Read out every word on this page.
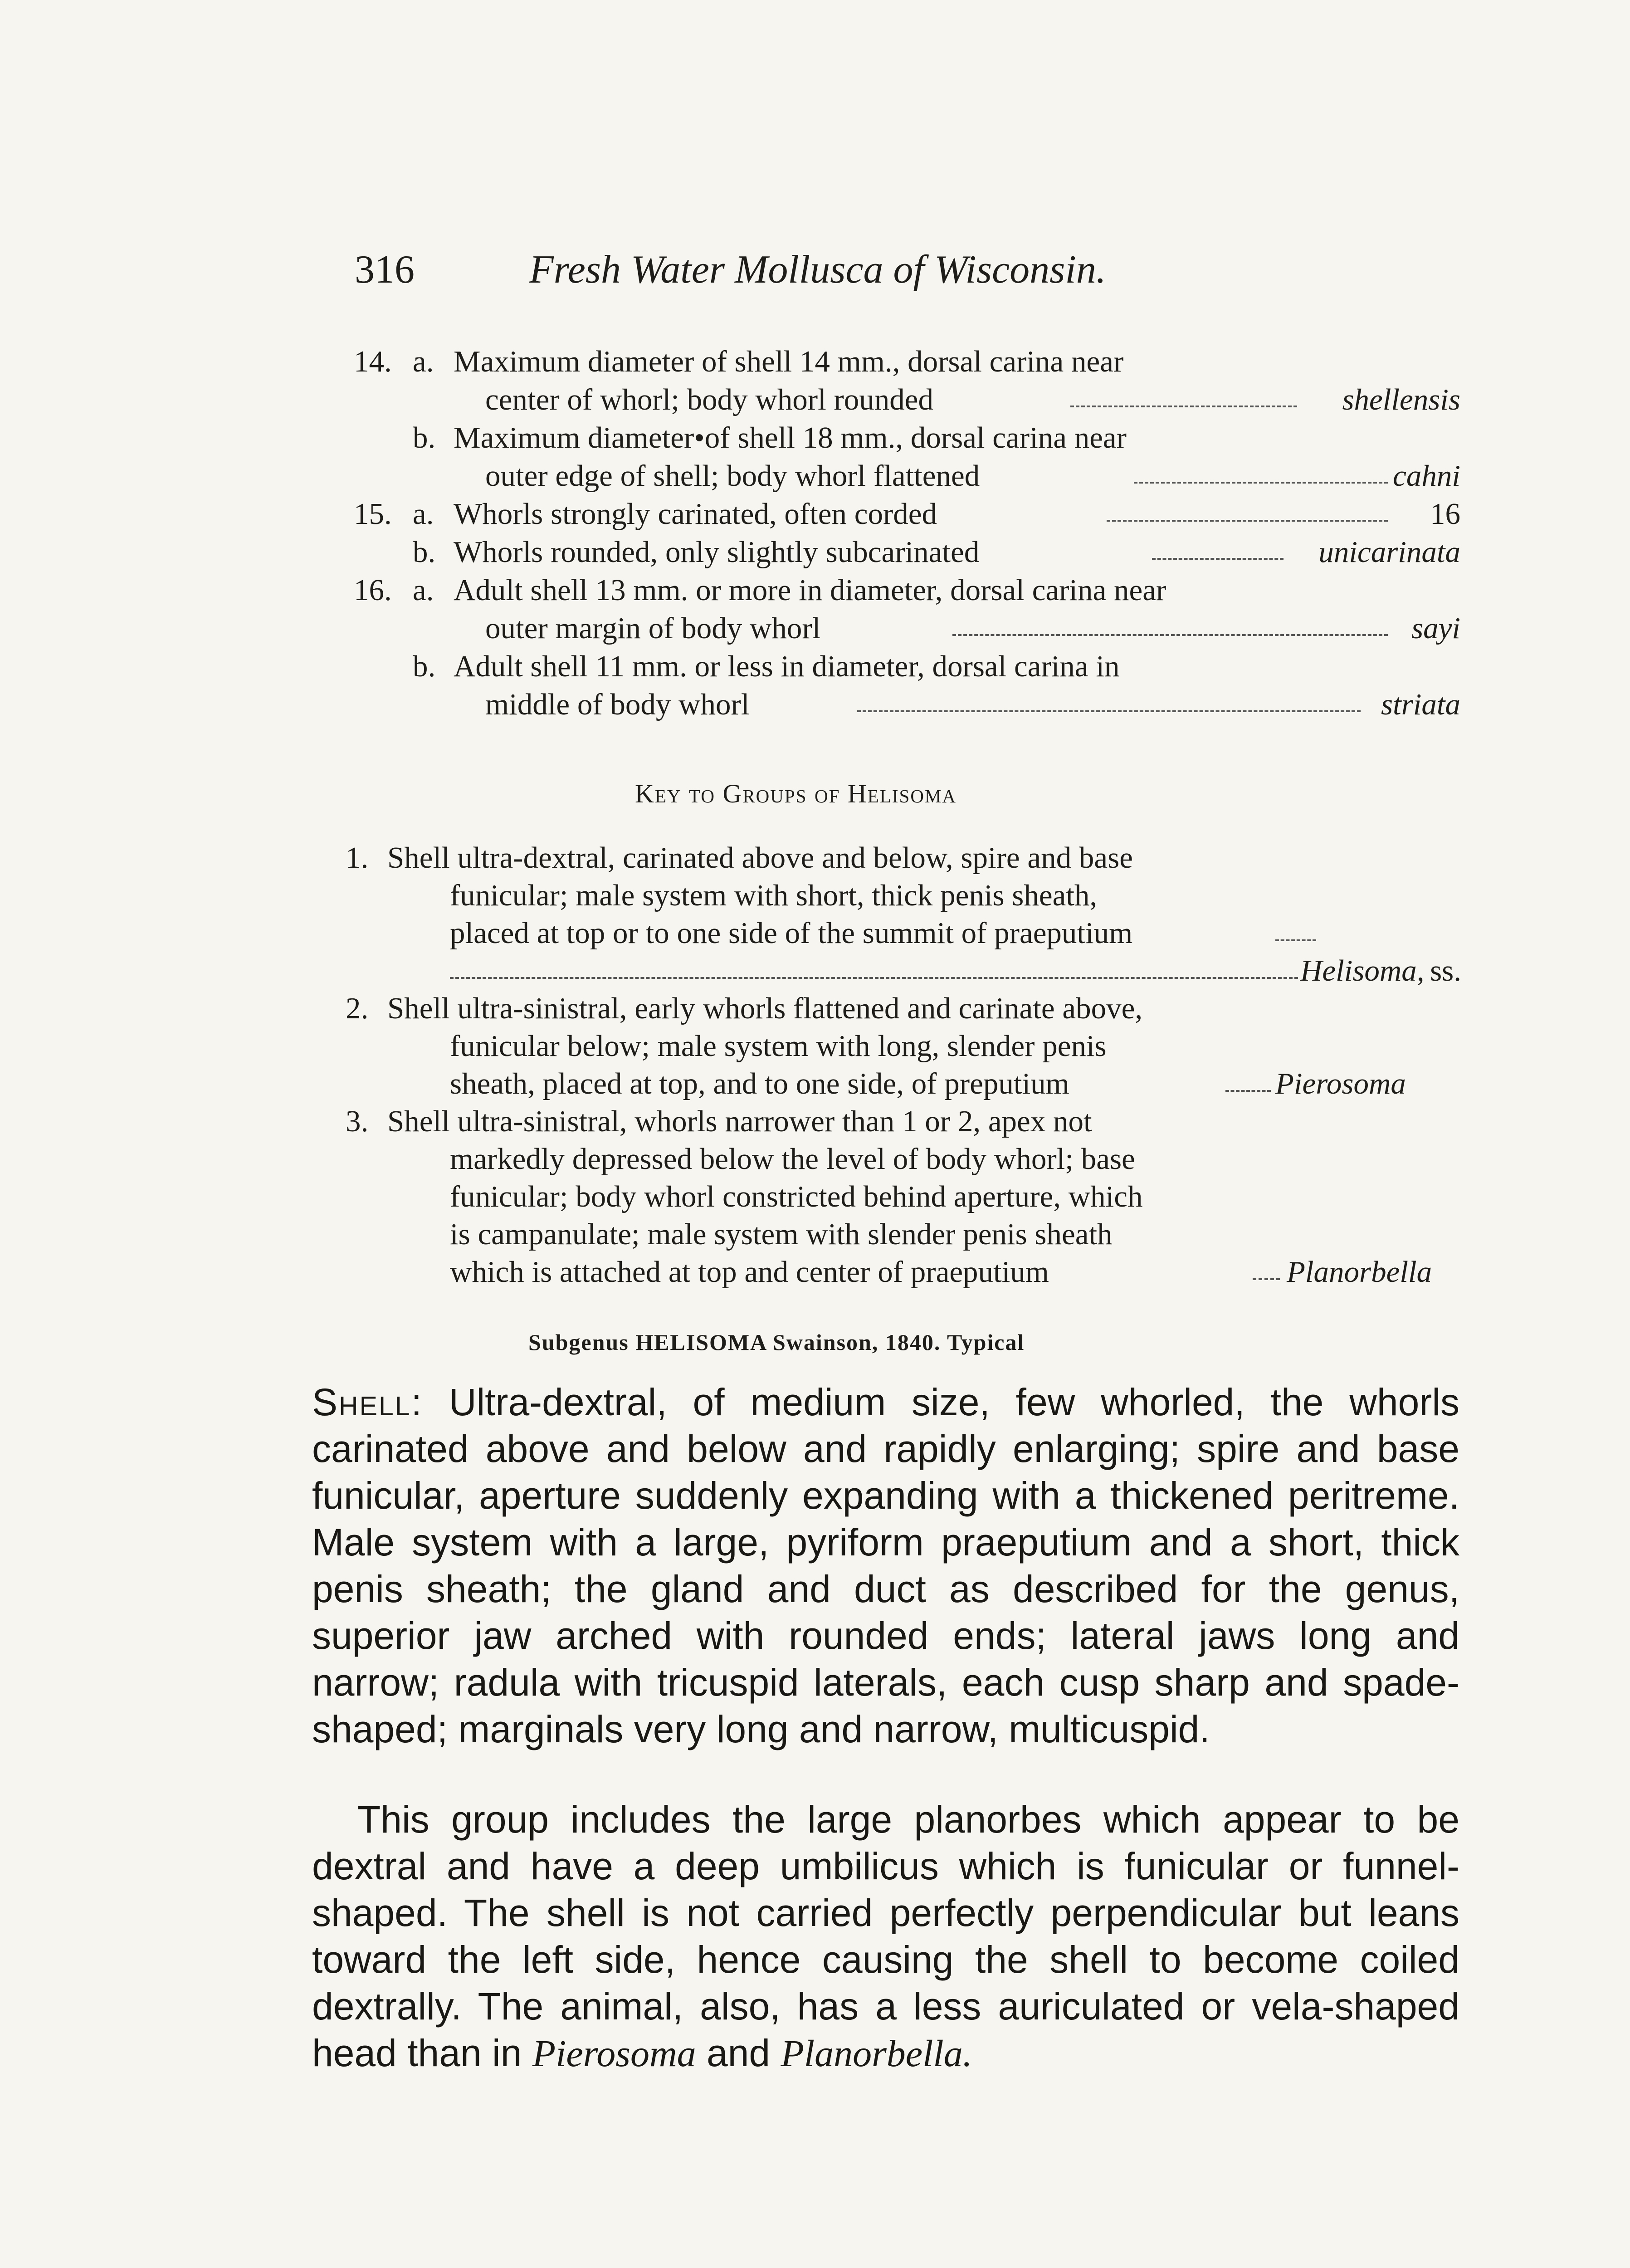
316	Fresh Water Mollusca of Wisconsin.
14. a. Maximum diameter of shell 14 mm., dorsal carina near
center of whorl; body whorl rounded	shellensis
b. Maximum diameter•of shell 18 mm., dorsal carina near
outer edge of shell; body whorl flattened	cahni
15. a. Whorls strongly carinated, often corded	16
b. Whorls rounded, only slightly subcarinated	unicarinata
16. a. Adult shell 13 mm. or more in diameter, dorsal carina near
outer margin of body whorl	sayi
b. Adult shell 11 mm. or less in diameter, dorsal carina in
middle of body whorl	striata
Key to Groups of Helisoma
1. Shell ultra-dextral, carinated above and below, spire and base
funicular; male system with short, thick penis sheath,
placed at top or to one side of the summit of praeputium
Helisoma, ss.
2. Shell ultra-sinistral, early whorls flattened and carinate above,
funicular below; male system with long, slender penis
sheath, placed at top, and to one side, of preputium	Pierosoma
3. Shell ultra-sinistral, whorls narrower than 1 or 2, apex not
markedly depressed below the level of body whorl; base
funicular; body whorl constricted behind aperture, which
is campanulate; male system with slender penis sheath
which is attached at top and center of praeputium	Planorbella
Subgenus HELISOMA Swainson, 1840. Typical
Shell: Ultra-dextral, of medium size, few whorled, the whorls carinated above and below and rapidly enlarging; spire and base funicular, aperture suddenly expanding with a thickened peritreme. Male system with a large, pyriform praeputium and a short, thick penis sheath; the gland and duct as described for the genus, superior jaw arched with rounded ends; lateral jaws long and narrow; radula with tricuspid laterals, each cusp sharp and spade-shaped; marginals very long and narrow, multicuspid.
This group includes the large planorbes which appear to be dextral and have a deep umbilicus which is funicular or funnel-shaped. The shell is not carried perfectly perpendicular but leans toward the left side, hence causing the shell to become coiled dextrally. The animal, also, has a less auriculated or vela-shaped head than in Pierosoma and Planorbella.
